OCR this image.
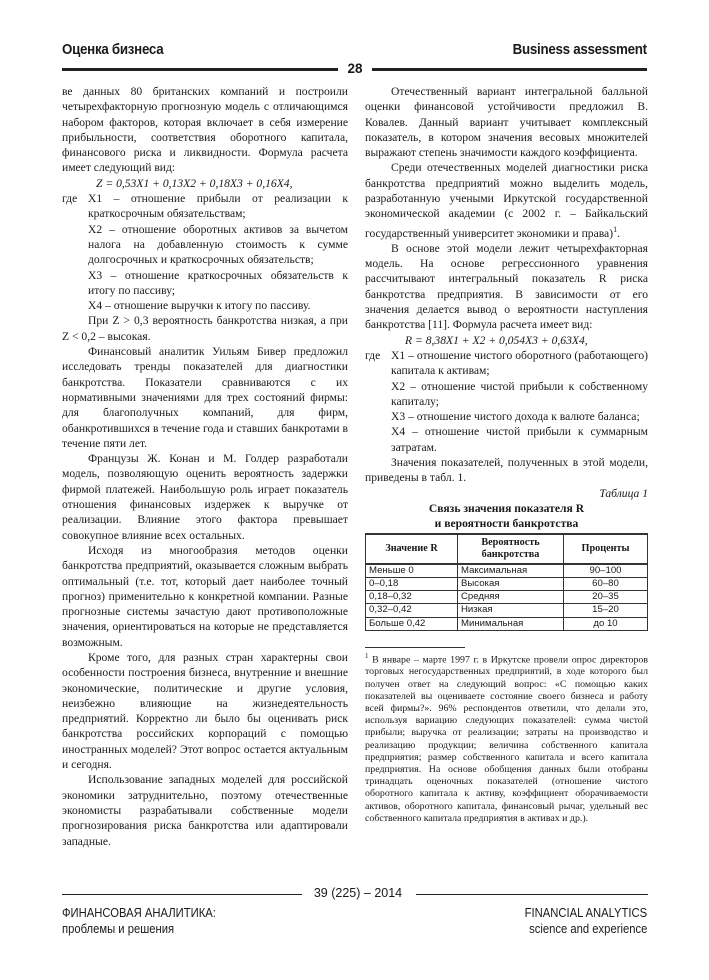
Оценка бизнеса	Business assessment
28

ве данных 80 британских компаний и построили четырехфакторную прогнозную модель с отличающимся набором факторов, которая включает в себя измерение прибыльности, соответствия оборотного капитала, финансового риска и ликвидности. Формула расчета имеет следующий вид:

Z = 0,53X1 + 0,13X2 + 0,18X3 + 0,16X4,

где X1 – отношение прибыли от реализации к краткосрочным обязательствам;

X2 – отношение оборотных активов за вычетом налога на добавленную стоимость к сумме долгосрочных и краткосрочных обязательств;

X3 – отношение краткосрочных обязательств к итогу по пассиву;

X4 – отношение выручки к итогу по пассиву.

При Z > 0,3 вероятность банкротства низкая, а при Z < 0,2 – высокая.

Финансовый аналитик Уильям Бивер предложил исследовать тренды показателей для диагностики банкротства. Показатели сравниваются с их нормативными значениями для трех состояний фирмы: для благополучных компаний, для фирм, обанкротившихся в течение года и ставших банкротами в течение пяти лет.

Французы Ж. Конан и М. Голдер разработали модель, позволяющую оценить вероятность задержки фирмой платежей. Наибольшую роль играет показатель отношения финансовых издержек к выручке от реализации. Влияние этого фактора превышает совокупное влияние всех остальных.

Исходя из многообразия методов оценки банкротства предприятий, оказывается сложным выбрать оптимальный (т.е. тот, который дает наиболее точный прогноз) применительно к конкретной компании. Разные прогнозные системы зачастую дают противоположные значения, ориентироваться на которые не представляется возможным.

Кроме того, для разных стран характерны свои особенности построения бизнеса, внутренние и внешние экономические, политические и другие условия, неизбежно влияющие на жизнедеятельность предприятий. Корректно ли было бы оценивать риск банкротства российских корпораций с помощью иностранных моделей? Этот вопрос остается актуальным и сегодня.

Использование западных моделей для российской экономики затруднительно, поэтому отечественные экономисты разрабатывали собственные модели прогнозирования риска банкротства или адаптировали западные.

Отечественный вариант интегральной балльной оценки финансовой устойчивости предложил В. Ковалев. Данный вариант учитывает комплексный показатель, в котором значения весовых множителей выражают степень значимости каждого коэффициента.

Среди отечественных моделей диагностики риска банкротства предприятий можно выделить модель, разработанную учеными Иркутской государственной экономической академии (с 2002 г. – Байкальский государственный университет экономики и права)$^1$.

В основе этой модели лежит четырехфакторная модель. На основе регрессионного уравнения рассчитывают интегральный показатель R риска банкротства предприятия. В зависимости от его значения делается вывод о вероятности наступления банкротства [11]. Формула расчета имеет вид:

R = 8,38X1 + X2 + 0,054X3 + 0,63X4,

где X1 – отношение чистого оборотного (работающего) капитала к активам;

X2 – отношение чистой прибыли к собственному капиталу;

X3 – отношение чистого дохода к валюте баланса;

X4 – отношение чистой прибыли к суммарным затратам.

Значения показателей, полученных в этой модели, приведены в табл. 1.

Таблица 1

Связь значения показателя R

и вероятности банкротства

Значение R	Вероятность банкротства	Проценты
Меньше 0	Максимальная	90–100
0–0,18	Высокая	60–80
0,18–0,32	Средняя	20–35
0,32–0,42	Низкая	15–20
Больше 0,42	Минимальная	до 10

$^1$ В январе – марте 1997 г. в Иркутске провели опрос директоров торговых негосударственных предприятий, в ходе которого был получен ответ на следующий вопрос: «С помощью каких показателей вы оцениваете состояние своего бизнеса и работу всей фирмы?». 96% респондентов ответили, что делали это, используя вариацию следующих показателей: сумма чистой прибыли; выручка от реализации; затраты на производство и реализацию продукции; величина собственного капитала предприятия; размер собственного капитала и всего капитала предприятия. На основе обобщения данных были отобраны тринадцать оценочных показателей (отношение чистого оборотного капитала к активу, коэффициент оборачиваемости активов, оборотного капитала, финансовый рычаг, удельный вес собственного капитала предприятия в активах и др.).

39 (225) – 2014
ФИНАНСОВАЯ АНАЛИТИКА:
проблемы и решения
FINANCIAL ANALYTICS
science and experience
